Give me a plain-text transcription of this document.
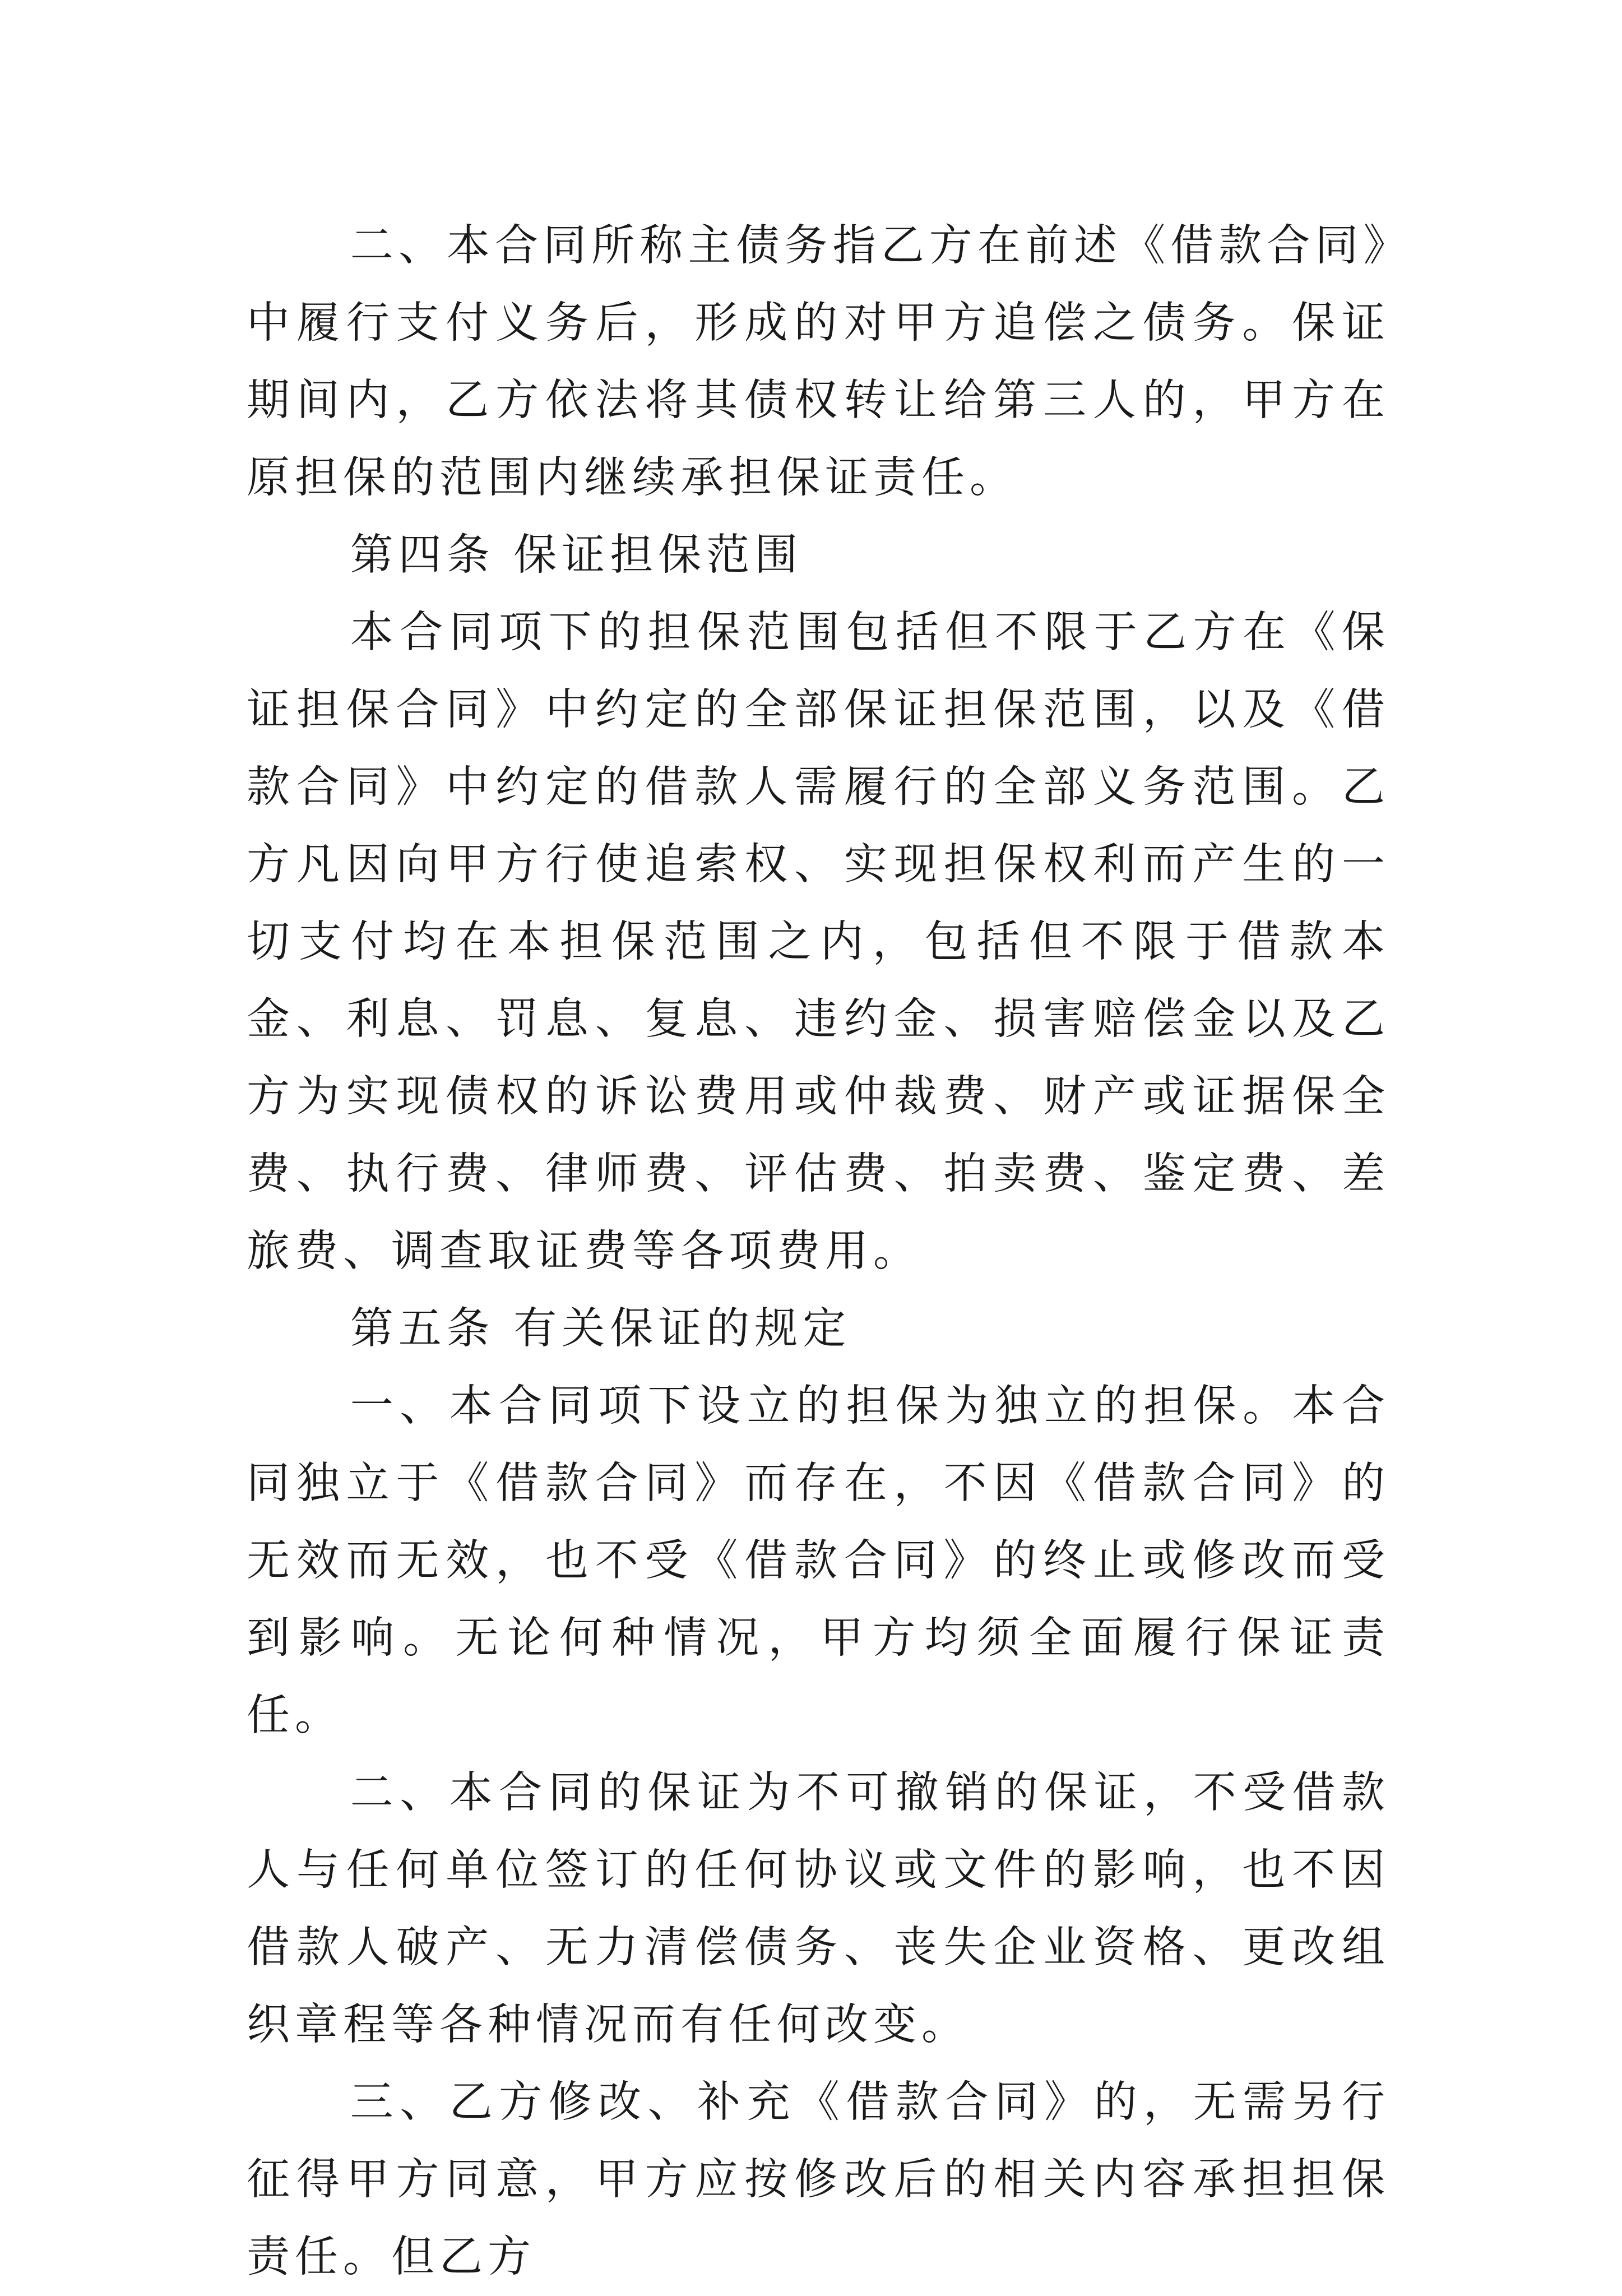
二、本合同所称主债务指乙方在前述《借款合同》中履行支付义务后，形成的对甲方追偿之债务。保证期间内，乙方依法将其债权转让给第三人的，甲方在原担保的范围内继续承担保证责任。

第四条 保证担保范围

本合同项下的担保范围包括但不限于乙方在《保证担保合同》中约定的全部保证担保范围，以及《借款合同》中约定的借款人需履行的全部义务范围。乙方凡因向甲方行使追索权、实现担保权利而产生的一切支付均在本担保范围之内，包括但不限于借款本金、利息、罚息、复息、违约金、损害赔偿金以及乙方为实现债权的诉讼费用或仲裁费、财产或证据保全费、执行费、律师费、评估费、拍卖费、鉴定费、差旅费、调查取证费等各项费用。

第五条 有关保证的规定

一、本合同项下设立的担保为独立的担保。本合同独立于《借款合同》而存在，不因《借款合同》的无效而无效，也不受《借款合同》的终止或修改而受到影响。无论何种情况，甲方均须全面履行保证责任。

二、本合同的保证为不可撤销的保证，不受借款人与任何单位签订的任何协议或文件的影响，也不因借款人破产、无力清偿债务、丧失企业资格、更改组织章程等各种情况而有任何改变。

三、乙方修改、补充《借款合同》的，无需另行征得甲方同意，甲方应按修改后的相关内容承担担保责任。但乙方
